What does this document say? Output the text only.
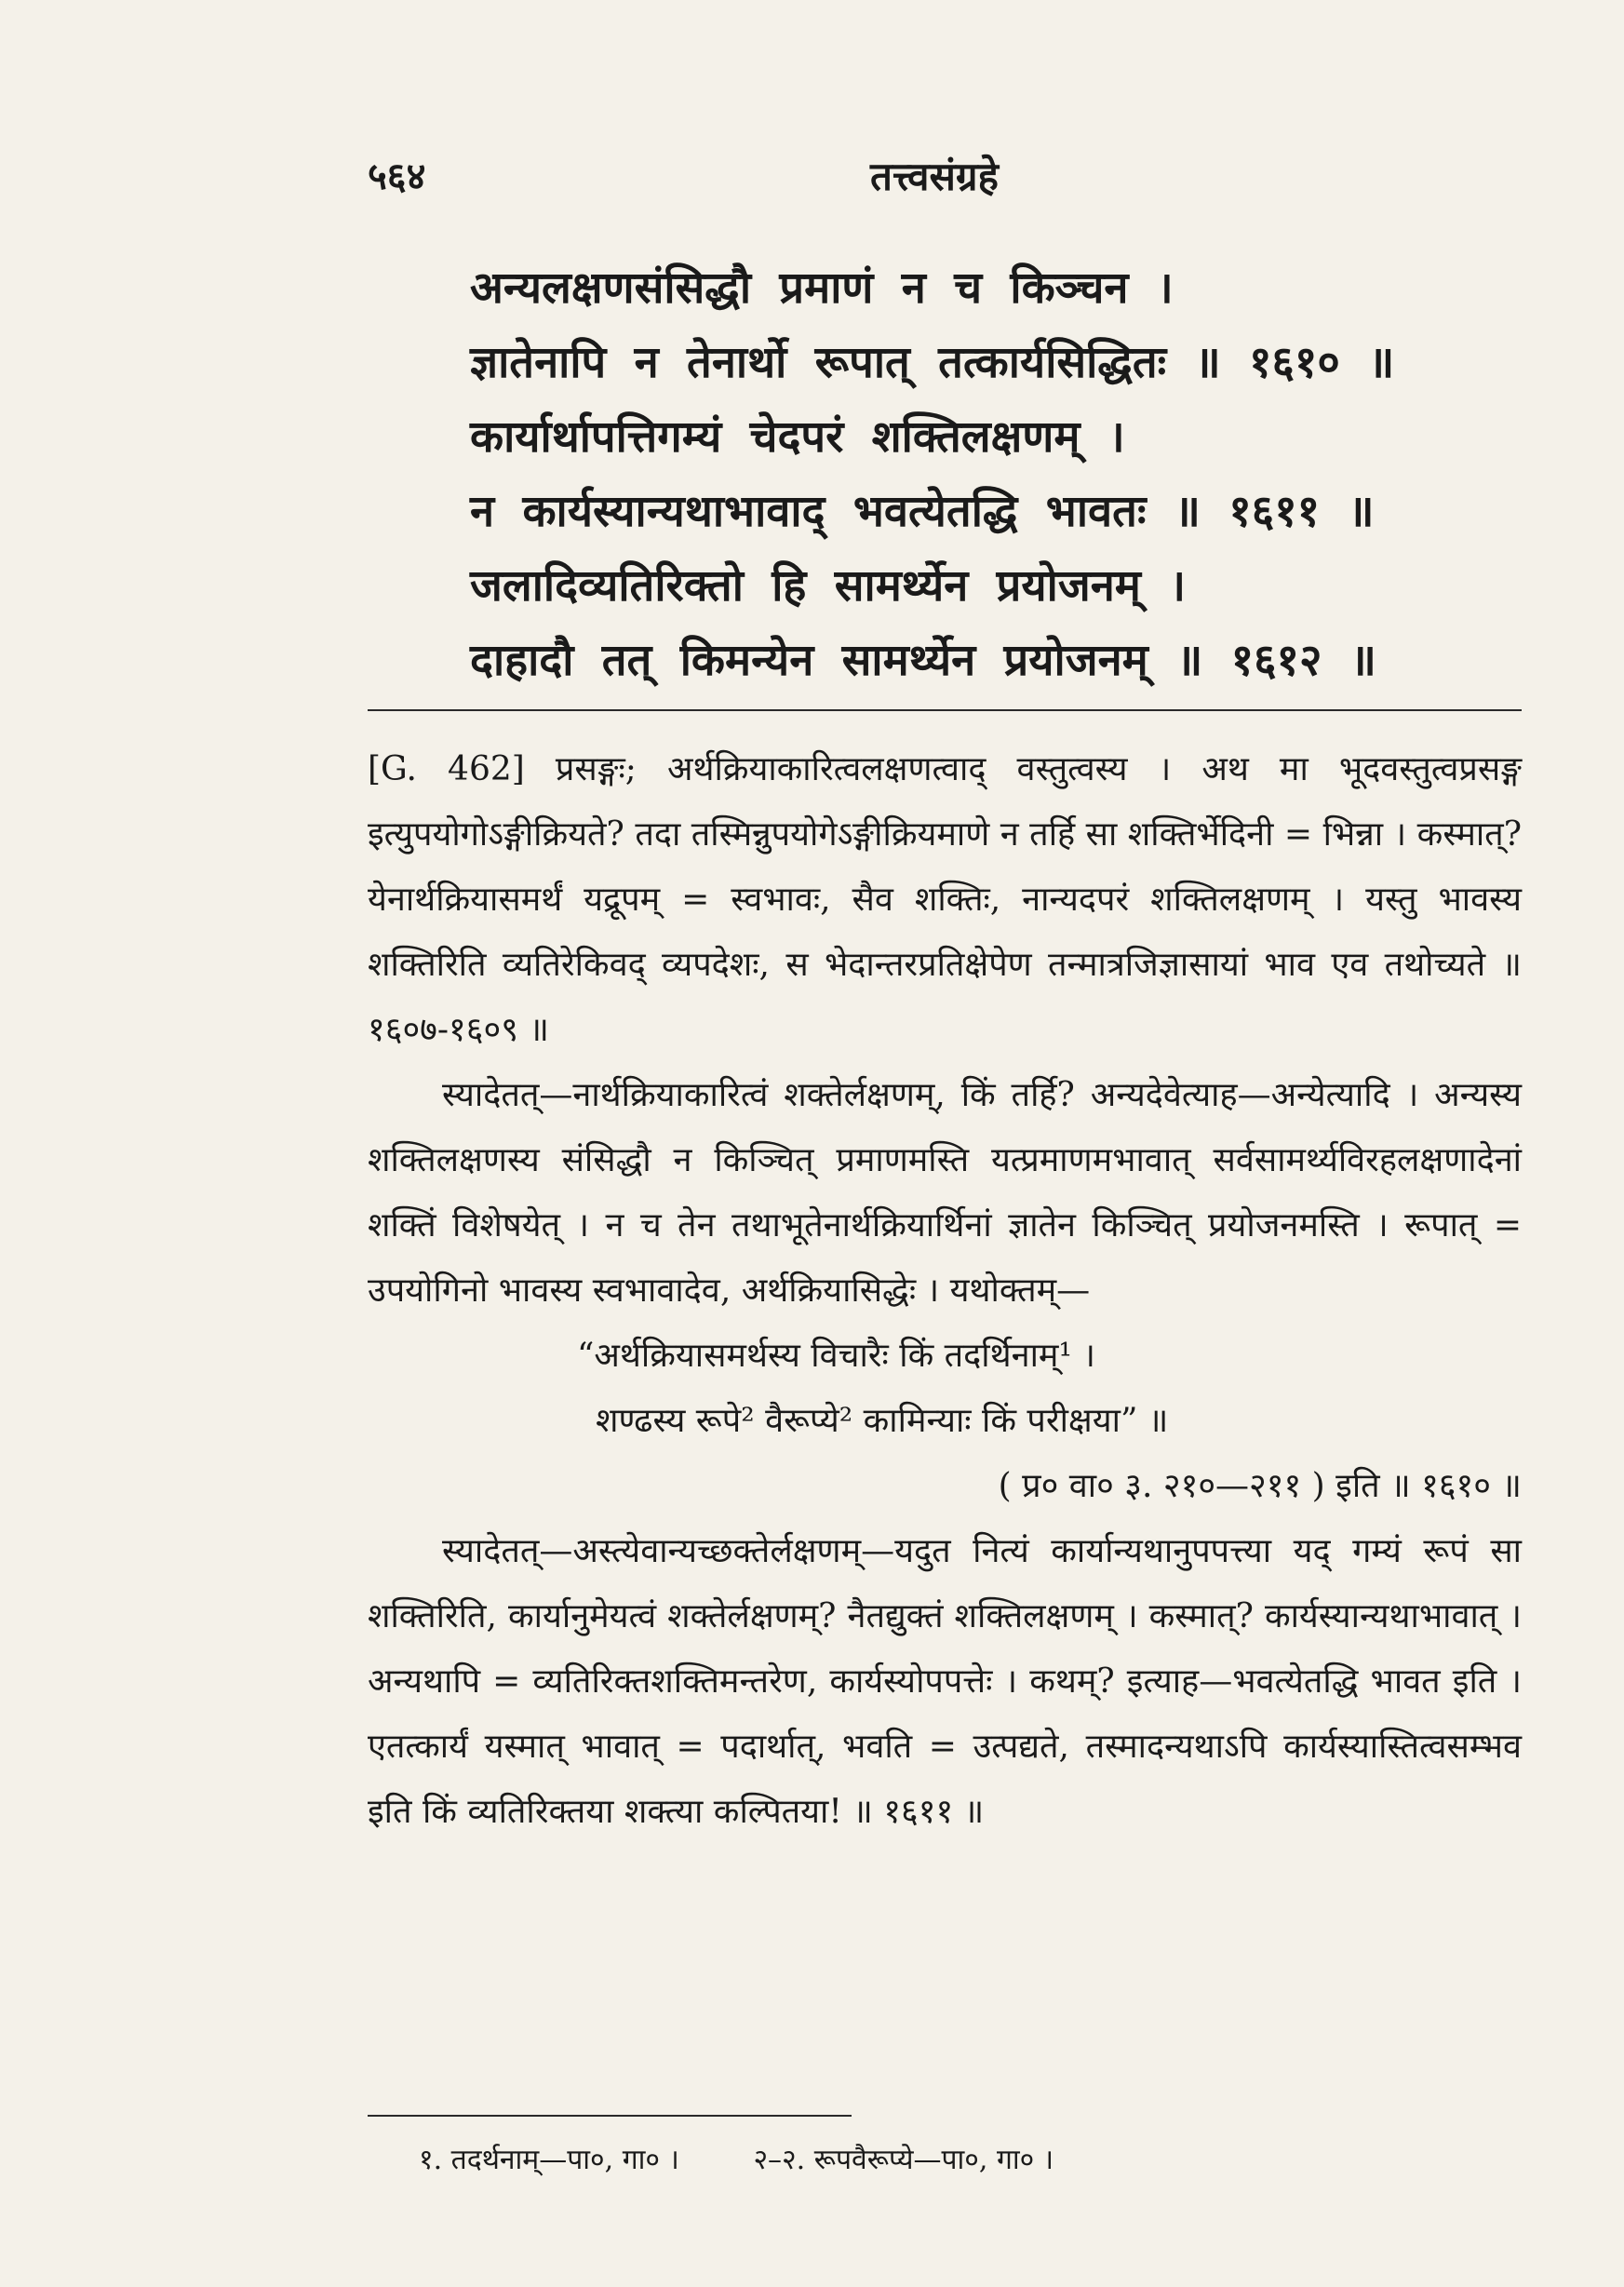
५६४	तत्त्वसंग्रहे
अन्यलक्षणसंसिद्धौ प्रमाणं न च किञ्चन ।
ज्ञातेनापि न तेनार्थो रूपात् तत्कार्यसिद्धितः ॥ १६१० ॥
कार्यार्थापत्तिगम्यं चेदपरं शक्तिलक्षणम् ।
न कार्यस्यान्यथाभावाद् भवत्येतद्धि भावतः ॥ १६११ ॥
जलादिव्यतिरिक्तो हि सामर्थ्येन प्रयोजनम् ।
दाहादौ तत् किमन्येन सामर्थ्येन प्रयोजनम् ॥ १६१२ ॥

[G. 462] प्रसङ्गः; अर्थक्रियाकारित्वलक्षणत्वाद् वस्तुत्वस्य । अथ मा भूदवस्तुत्वप्रसङ्ग इत्युपयोगोऽङ्गीक्रियते? तदा तस्मिन्नुपयोगेऽङ्गीक्रियमाणे न तर्हि सा शक्तिर्भेदिनी = भिन्ना । कस्मात्? येनार्थक्रियासमर्थं यद्रूपम् = स्वभावः, सैव शक्तिः, नान्यदपरं शक्तिलक्षणम् । यस्तु भावस्य शक्तिरिति व्यतिरेकिवद् व्यपदेशः, स भेदान्तरप्रतिक्षेपेण तन्मात्रजिज्ञासायां भाव एव तथोच्यते ॥ १६०७-१६०९ ॥

स्यादेतत्—नार्थक्रियाकारित्वं शक्तेर्लक्षणम्, किं तर्हि? अन्यदेवेत्याह—अन्येत्यादि । अन्यस्य शक्तिलक्षणस्य संसिद्धौ न किञ्चित् प्रमाणमस्ति यत्प्रमाणमभावात् सर्वसामर्थ्यविरहलक्षणादेनां शक्तिं विशेषयेत् । न च तेन तथाभूतेनार्थक्रियार्थिनां ज्ञातेन किञ्चित् प्रयोजनमस्ति । रूपात् = उपयोगिनो भावस्य स्वभावादेव, अर्थक्रियासिद्धेः । यथोक्तम्—

“अर्थक्रियासमर्थस्य विचारैः किं तदर्थिनाम्¹ ।

शण्ढस्य रूपे² वैरूप्ये² कामिन्याः किं परीक्षया” ॥

( प्र० वा० ३. २१०—२११ ) इति ॥ १६१० ॥

स्यादेतत्—अस्त्येवान्यच्छक्तेर्लक्षणम्—यदुत नित्यं कार्यान्यथानुपपत्त्या यद् गम्यं रूपं सा शक्तिरिति, कार्यानुमेयत्वं शक्तेर्लक्षणम्? नैतद्युक्तं शक्तिलक्षणम् । कस्मात्? कार्यस्यान्यथाभावात् । अन्यथापि = व्यतिरिक्तशक्तिमन्तरेण, कार्यस्योपपत्तेः । कथम्? इत्याह—भवत्येतद्धि भावत इति । एतत्कार्यं यस्मात् भावात् = पदार्थात्, भवति = उत्पद्यते, तस्मादन्यथाऽपि कार्यस्यास्तित्वसम्भव इति किं व्यतिरिक्तया शक्त्या कल्पितया! ॥ १६११ ॥

१. तदर्थनाम्—पा०, गा० ।	२–२. रूपवैरूप्ये—पा०, गा० ।
